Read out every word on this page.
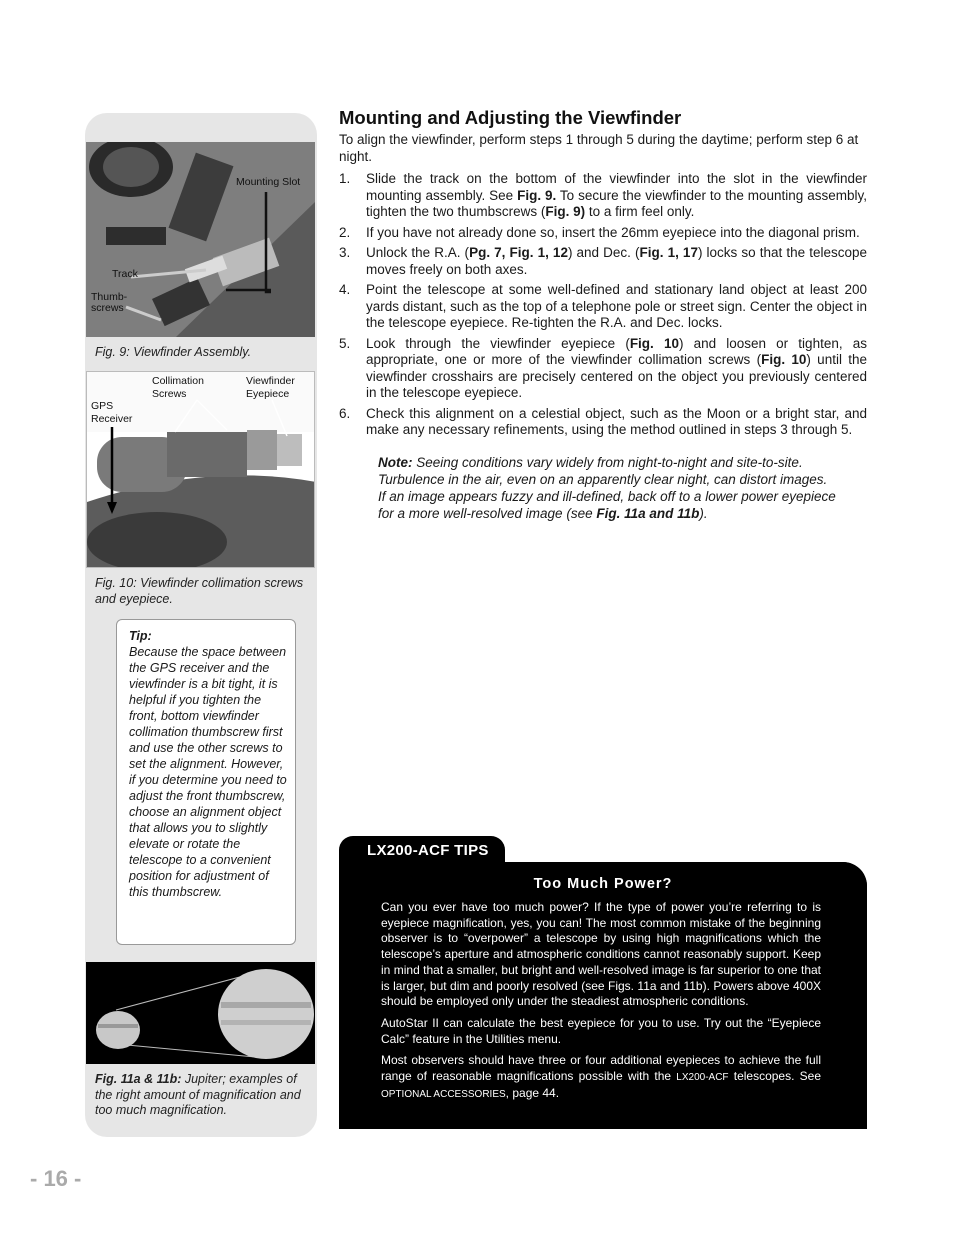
Mounting Slot
Track
Thumb-
screws
Fig. 9: Viewfinder Assembly.
Collimation
Screws
Viewfinder
Eyepiece
GPS
Receiver
Fig. 10: Viewfinder collimation screws and eyepiece.
Tip:
Because the space between the GPS receiver and the viewfinder is a bit tight, it is helpful if you tighten the front, bottom viewfinder collimation thumbscrew first and use the other screws to set the alignment. However, if you determine you need to adjust the front thumbscrew, choose an alignment object that allows you to slightly elevate or rotate the telescope to a convenient position for adjustment of this thumbscrew.
Fig. 11a & 11b: Jupiter; examples of the right amount of magnification and too much magnification.
Mounting and Adjusting the Viewfinder
To align the viewfinder, perform steps 1 through 5 during the daytime; perform step 6 at night.
1. Slide the track on the bottom of the viewfinder into the slot in the viewfinder mounting assembly. See Fig. 9. To secure the viewfinder to the mounting assembly, tighten the two thumbscrews (Fig. 9) to a firm feel only.
2. If you have not already done so, insert the 26mm eyepiece into the diagonal prism.
3. Unlock the R.A. (Pg. 7, Fig. 1, 12) and Dec. (Fig. 1, 17) locks so that the telescope moves freely on both axes.
4. Point the telescope at some well-defined and stationary land object at least 200 yards distant, such as the top of a telephone pole or street sign. Center the object in the telescope eyepiece. Re-tighten the R.A. and Dec. locks.
5. Look through the viewfinder eyepiece (Fig. 10) and loosen or tighten, as appropriate, one or more of the viewfinder collimation screws (Fig. 10) until the viewfinder crosshairs are precisely centered on the object you previously centered in the telescope eyepiece.
6. Check this alignment on a celestial object, such as the Moon or a bright star, and make any necessary refinements, using the method outlined in steps 3 through 5.
Note: Seeing conditions vary widely from night-to-night and site-to-site. Turbulence in the air, even on an apparently clear night, can distort images. If an image appears fuzzy and ill-defined, back off to a lower power eyepiece for a more well-resolved image (see Fig. 11a and 11b).
LX200-ACF TIPS
Too Much Power?

Can you ever have too much power? If the type of power you’re referring to is eyepiece magnification, yes, you can! The most common mistake of the beginning observer is to “overpower” a telescope by using high magnifications which the telescope’s aperture and atmospheric conditions cannot reasonably support. Keep in mind that a smaller, but bright and well-resolved image is far superior to one that is larger, but dim and poorly resolved (see Figs. 11a and 11b). Powers above 400X should be employed only under the steadiest atmospheric conditions.

AutoStar II can calculate the best eyepiece for you to use. Try out the “Eyepiece Calc” feature in the Utilities menu.

Most observers should have three or four additional eyepieces to achieve the full range of reasonable magnifications possible with the LX200-ACF telescopes. See OPTIONAL ACCESSORIES, page 44.

- 16 -
